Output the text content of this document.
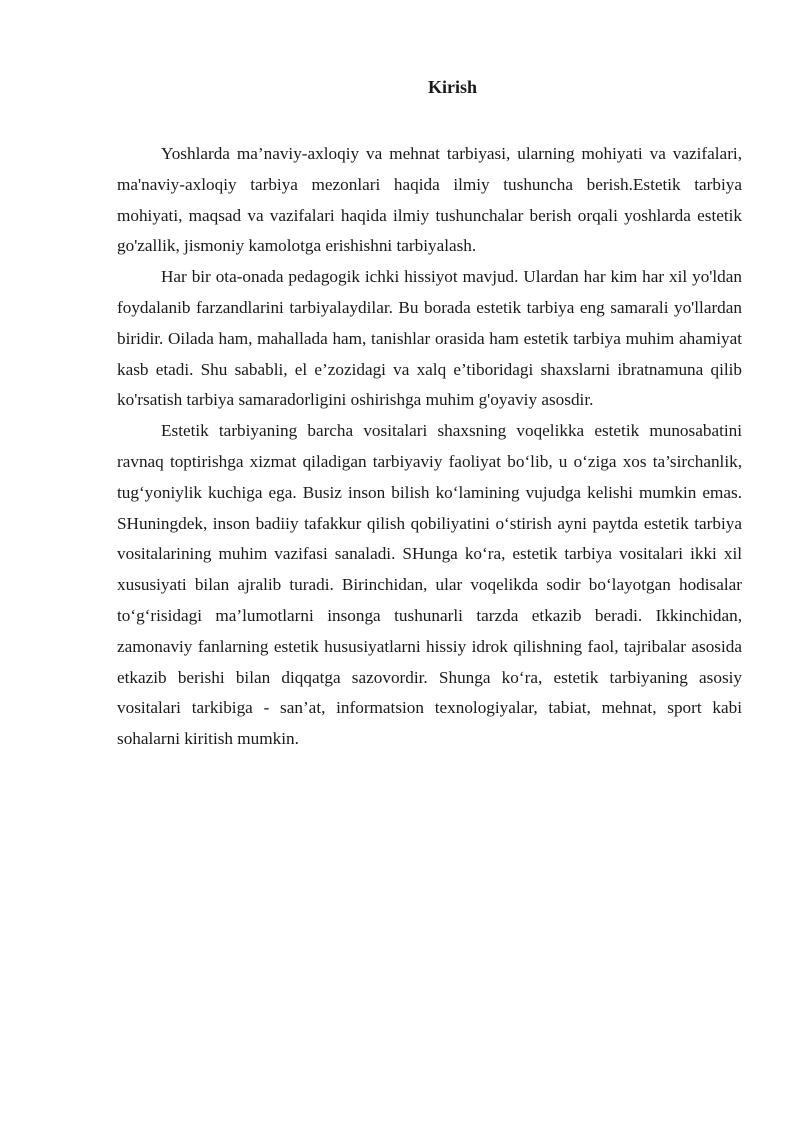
Kirish

Yoshlarda ma’naviy-axloqiy va mehnat tarbiyasi, ularning mohiyati va vazifalari, ma'naviy-axloqiy tarbiya mezonlari haqida ilmiy tushuncha berish.Estetik tarbiya mohiyati, maqsad va vazifalari haqida ilmiy tushunchalar berish orqali yoshlarda estetik go'zallik, jismoniy kamolotga erishishni tarbiyalash.

Har bir ota-onada pedagogik ichki hissiyot mavjud. Ulardan har kim har xil yo'ldan foydalanib farzandlarini tarbiyalaydilar. Bu borada estetik tarbiya eng samarali yo'llardan biridir. Oilada ham, mahallada ham, tanishlar orasida ham estetik tarbiya muhim ahamiyat kasb etadi. Shu sababli, el e’zozidagi va xalq e’tiboridagi shaxslarni ibratnamuna qilib ko'rsatish tarbiya samaradorligini oshirishga muhim g'oyaviy asosdir.

Estetik tarbiyaning barcha vositalari shaxsning voqelikka estetik munosabatini ravnaq toptirishga xizmat qiladigan tarbiyaviy faoliyat bo‘lib, u o‘ziga xos ta’sirchanlik, tug‘yoniylik kuchiga ega. Busiz inson bilish ko‘lamining vujudga kelishi mumkin emas. SHuningdek, inson badiiy tafakkur qilish qobiliyatini o‘stirish ayni paytda estetik tarbiya vositalarining muhim vazifasi sanaladi. SHunga ko‘ra, estetik tarbiya vositalari ikki xil xususiyati bilan ajralib turadi. Birinchidan, ular voqelikda sodir bo‘layotgan hodisalar to‘g‘risidagi ma’lumotlarni insonga tushunarli tarzda etkazib beradi. Ikkinchidan, zamonaviy fanlarning estetik hususiyatlarni hissiy idrok qilishning faol, tajribalar asosida etkazib berishi bilan diqqatga sazovordir. Shunga ko‘ra, estetik tarbiyaning asosiy vositalari tarkibiga - san’at, informatsion texnologiyalar, tabiat, mehnat, sport kabi sohalarni kiritish mumkin.
